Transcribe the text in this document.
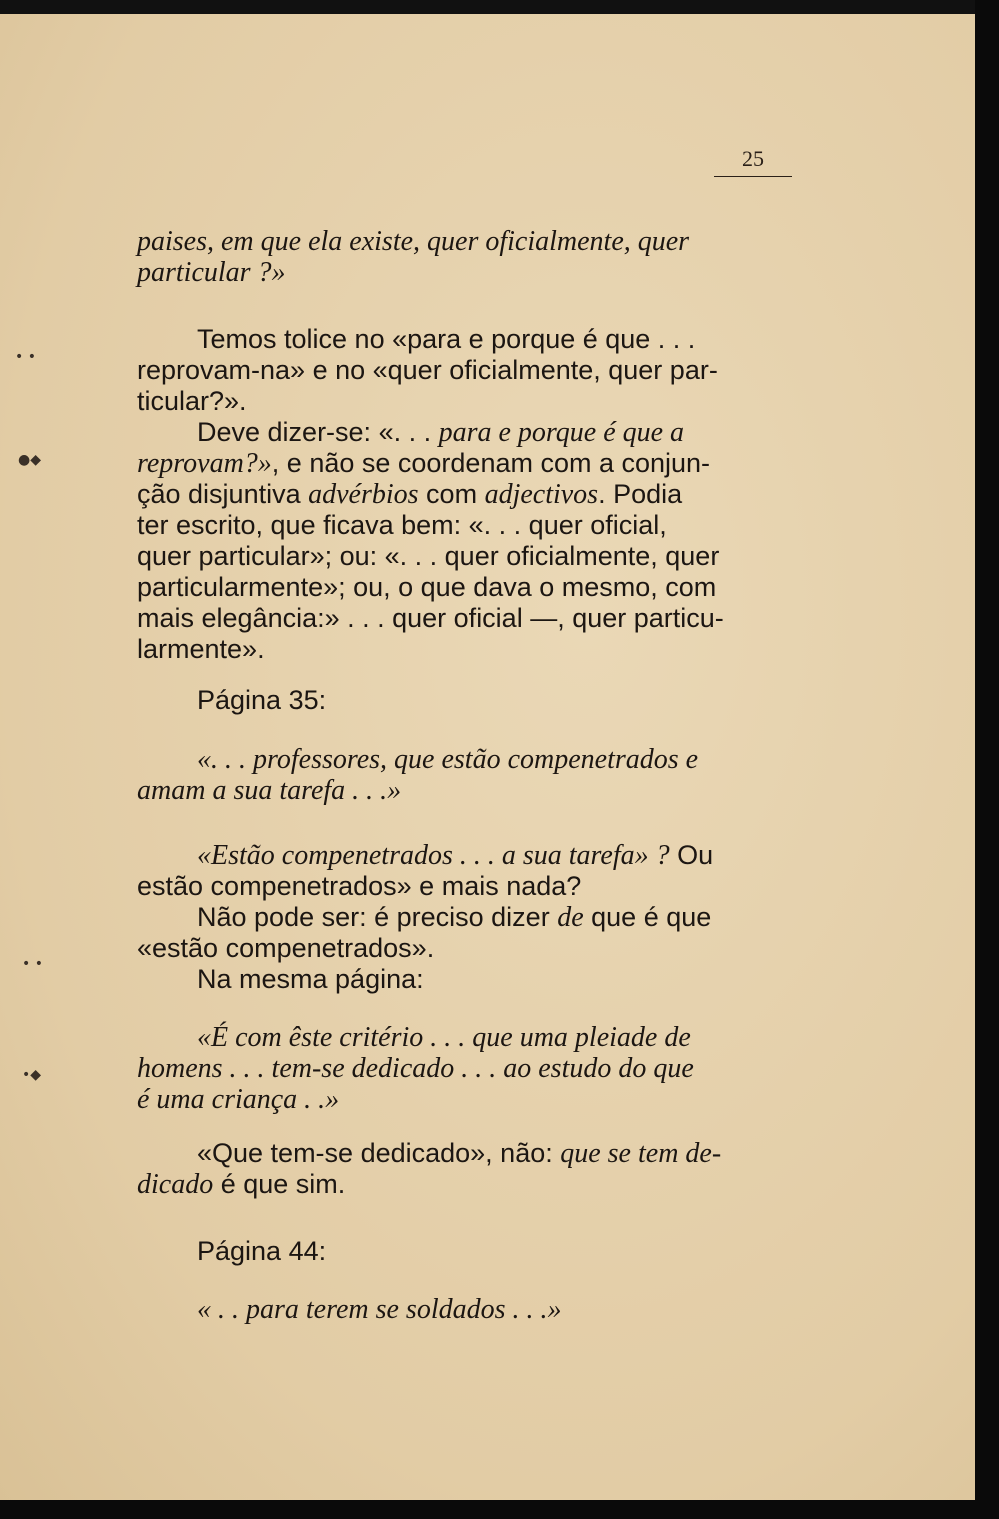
25

paises, em que ela existe, quer oficialmente, quer
particular ?»

Temos tolice no «para e porque é que . . .
reprovam-na» e no «quer oficialmente, quer par-
ticular?».
Deve dizer-se: «. . . para e porque é que a
reprovam?», e não se coordenam com a conjun-
ção disjuntiva advérbios com adjectivos. Podia
ter escrito, que ficava bem: «. . . quer oficial,
quer particular»; ou: «. . . quer oficialmente, quer
particularmente»; ou, o que dava o mesmo, com
mais elegância:» . . . quer oficial —, quer particu-
larmente».

Página 35:

«. . . professores, que estão compenetrados e
amam a sua tarefa . . .»

«Estão compenetrados . . . a sua tarefa» ? Ou
estão compenetrados» e mais nada?
Não pode ser: é preciso dizer de que é que
«estão compenetrados».
Na mesma página:

«É com êste critério . . . que uma pleiade de
homens . . . tem-se dedicado . . . ao estudo do que
é uma criança . .»

«Que tem-se dedicado», não: que se tem de-
dicado é que sim.

Página 44:

« . . para terem se soldados . . .»

• •
●◆
• •
•◆
